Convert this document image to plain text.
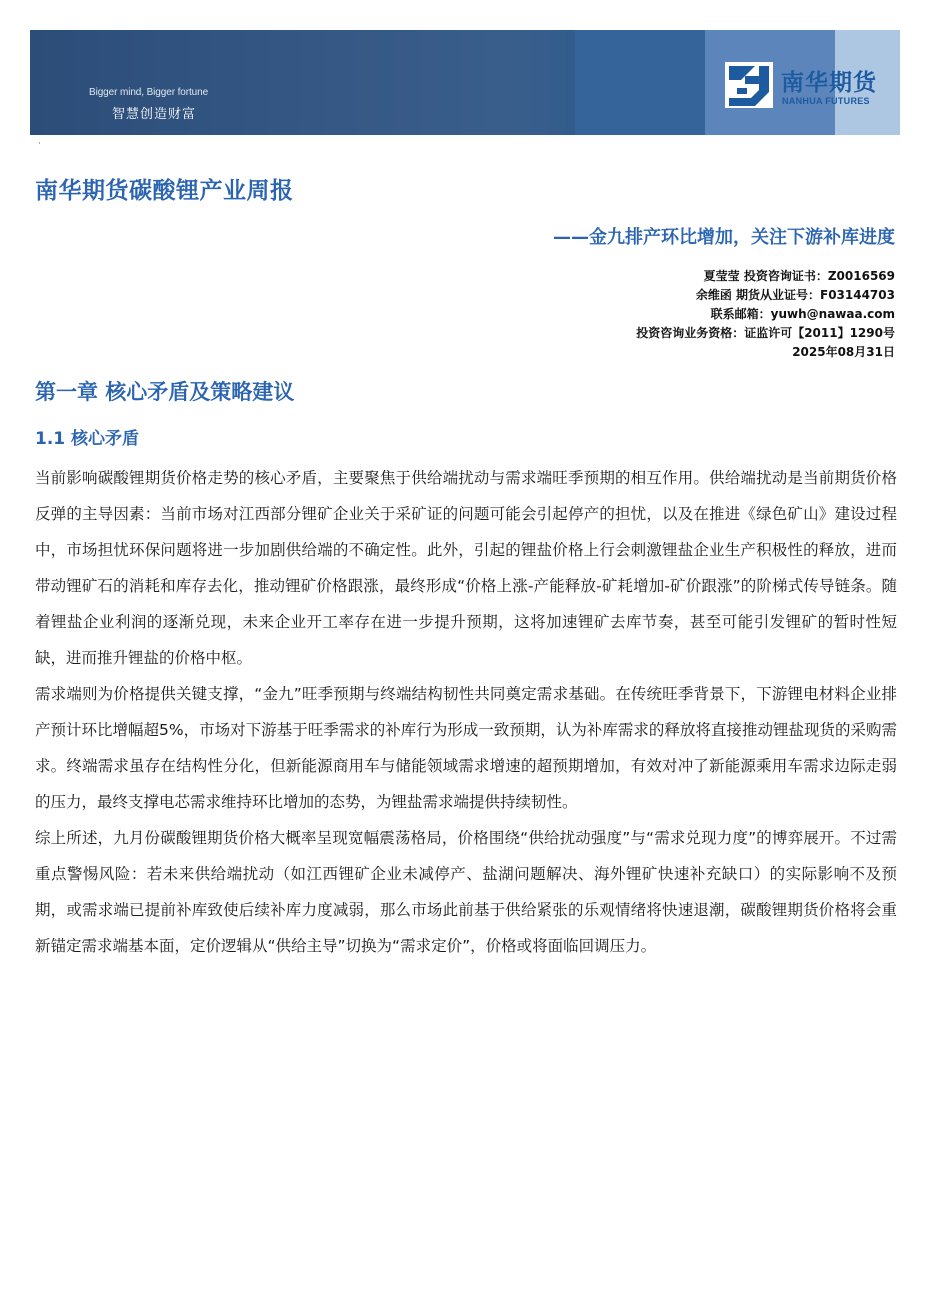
Bigger mind, Bigger fortune
智慧创造财富
南华期货
NANHUA FUTURES
·
南华期货碳酸锂产业周报
——金九排产环比增加，关注下游补库进度
夏莹莹 投资咨询证书：Z0016569
余维函 期货从业证号：F03144703
联系邮箱：yuwh@nawaa.com
投资咨询业务资格：证监许可【2011】1290号
2025年08月31日
第一章 核心矛盾及策略建议
1.1 核心矛盾

当前影响碳酸锂期货价格走势的核心矛盾，主要聚焦于供给端扰动与需求端旺季预期的相互作用。供给端扰动是当前期货价格反弹的主导因素：当前市场对江西部分锂矿企业关于采矿证的问题可能会引起停产的担忧，以及在推进《绿色矿山》建设过程中，市场担忧环保问题将进一步加剧供给端的不确定性。此外，引起的锂盐价格上行会刺激锂盐企业生产积极性的释放，进而带动锂矿石的消耗和库存去化，推动锂矿价格跟涨，最终形成“价格上涨-产能释放-矿耗增加-矿价跟涨”的阶梯式传导链条。随着锂盐企业利润的逐渐兑现，未来企业开工率存在进一步提升预期，这将加速锂矿去库节奏，甚至可能引发锂矿的暂时性短缺，进而推升锂盐的价格中枢。

需求端则为价格提供关键支撑，“金九”旺季预期与终端结构韧性共同奠定需求基础。在传统旺季背景下，下游锂电材料企业排产预计环比增幅超5%，市场对下游基于旺季需求的补库行为形成一致预期，认为补库需求的释放将直接推动锂盐现货的采购需求。终端需求虽存在结构性分化，但新能源商用车与储能领域需求增速的超预期增加，有效对冲了新能源乘用车需求边际走弱的压力，最终支撑电芯需求维持环比增加的态势，为锂盐需求端提供持续韧性。

综上所述，九月份碳酸锂期货价格大概率呈现宽幅震荡格局，价格围绕“供给扰动强度”与“需求兑现力度”的博弈展开。不过需重点警惕风险：若未来供给端扰动（如江西锂矿企业未减停产、盐湖问题解决、海外锂矿快速补充缺口）的实际影响不及预期，或需求端已提前补库致使后续补库力度减弱，那么市场此前基于供给紧张的乐观情绪将快速退潮，碳酸锂期货价格将会重新锚定需求端基本面，定价逻辑从“供给主导”切换为“需求定价”，价格或将面临回调压力。
